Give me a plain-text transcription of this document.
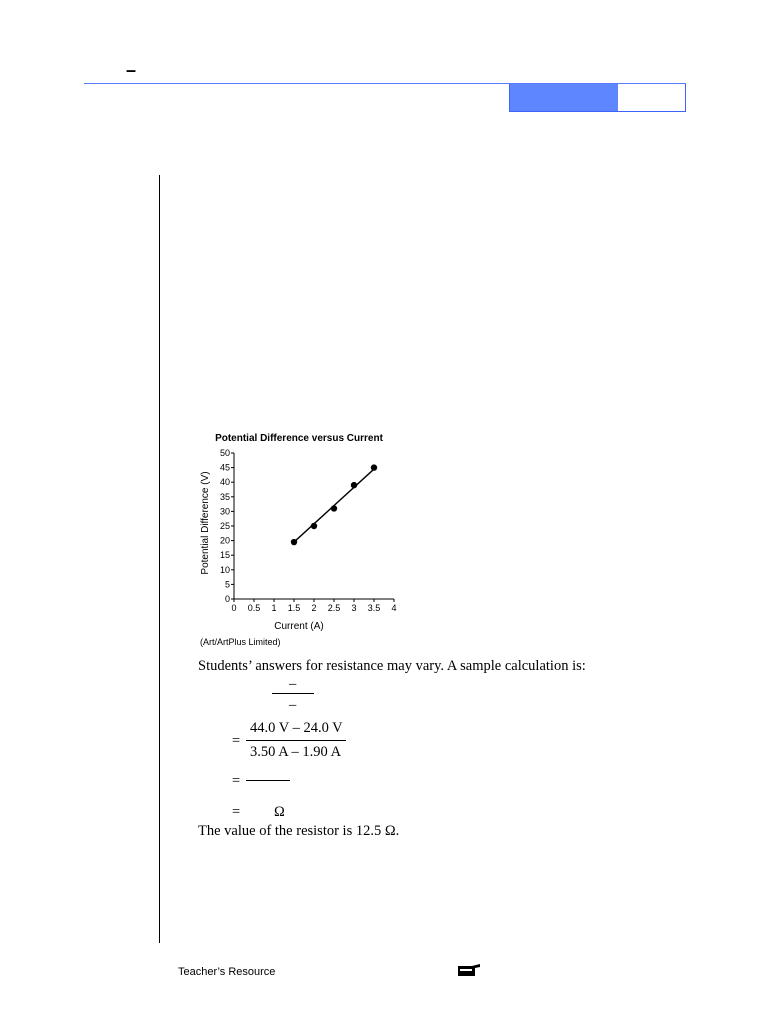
–
Potential Difference versus Current
Current (A)
Potential Difference (V)
0 0.5 1 1.5 2 2.5 3 3.5 4
0
5
10
15
20
25
30
35
40
45
50
(Art/ArtPlus Limited)
Students’ answers for resistance may vary. A sample calculation is:
–
–
=
44.0 V – 24.0 V
3.50 A – 1.90 A
=
= Ω
The value of the resistor is 12.5 Ω.
Teacher’s Resource
